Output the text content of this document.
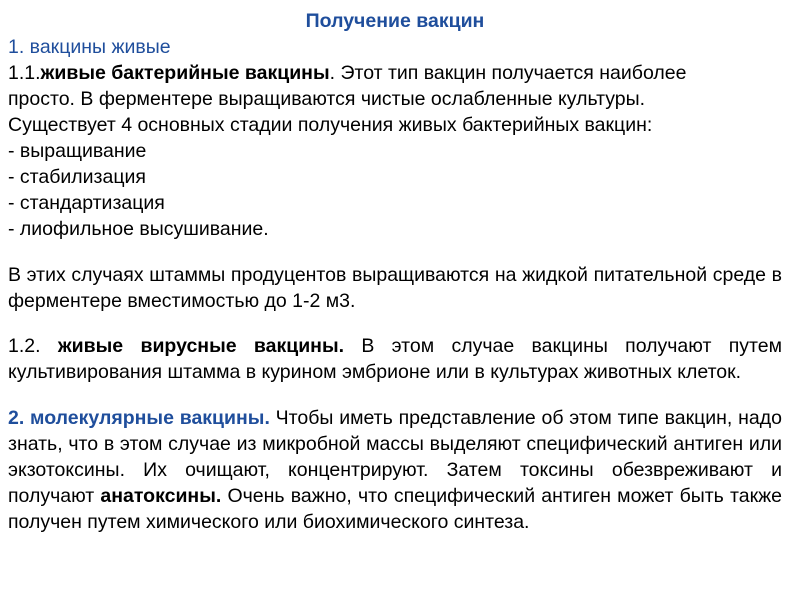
Получение вакцин

1. вакцины живые

1.1.живые бактерийные вакцины. Этот тип вакцин получается наиболее

просто. В ферментере выращиваются чистые ослабленные культуры.

Существует 4 основных стадии получения живых бактерийных вакцин:

- выращивание

- стабилизация

- стандартизация

- лиофильное высушивание.

В этих случаях штаммы продуцентов выращиваются на жидкой питательной среде в ферментере вместимостью до 1-2 м3.

1.2. живые вирусные вакцины. В этом случае вакцины получают путем культивирования штамма в курином эмбрионе или в культурах животных клеток.

2. молекулярные вакцины. Чтобы иметь представление об этом типе вакцин, надо знать, что в этом случае из микробной массы выделяют специфический антиген или экзотоксины. Их очищают, концентрируют. Затем токсины обезвреживают и получают анатоксины. Очень важно, что специфический антиген может быть также получен путем химического или биохимического синтеза.
